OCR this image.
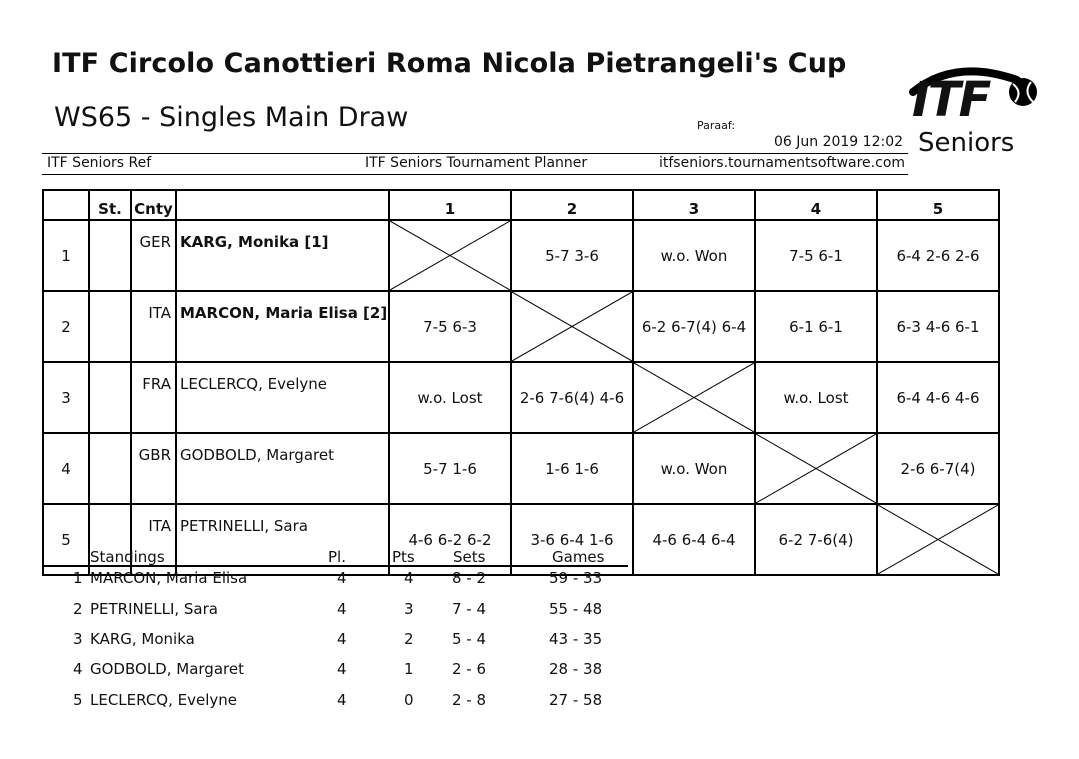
ITF Circolo Canottieri Roma Nicola Pietrangeli's Cup
WS65 - Singles Main Draw	Paraaf:
06 Jun 2019 12:02
ITF Seniors Ref	ITF Seniors Tournament Planner	itfseniors.tournamentsoftware.com
ITF
Seniors
	St.	Cnty		1	2	3	4	5
1		GER	KARG, Monika [1]		5-7 3-6	w.o. Won	7-5 6-1	6-4 2-6 2-6
2		ITA	MARCON, Maria Elisa [2]	7-5 6-3		6-2 6-7(4) 6-4	6-1 6-1	6-3 4-6 6-1
3		FRA	LECLERCQ, Evelyne	w.o. Lost	2-6 7-6(4) 4-6		w.o. Lost	6-4 4-6 4-6
4		GBR	GODBOLD, Margaret	5-7 1-6	1-6 1-6	w.o. Won		2-6 6-7(4)
5		ITA	PETRINELLI, Sara	4-6 6-2 6-2	3-6 6-4 1-6	4-6 6-4 6-4	6-2 7-6(4)	
Standings	Pl.	Pts	Sets	Games
1 MARCON, Maria Elisa	4	4	8 - 2	59 - 33
2 PETRINELLI, Sara	4	3	7 - 4	55 - 48
3 KARG, Monika	4	2	5 - 4	43 - 35
4 GODBOLD, Margaret	4	1	2 - 6	28 - 38
5 LECLERCQ, Evelyne	4	0	2 - 8	27 - 58
